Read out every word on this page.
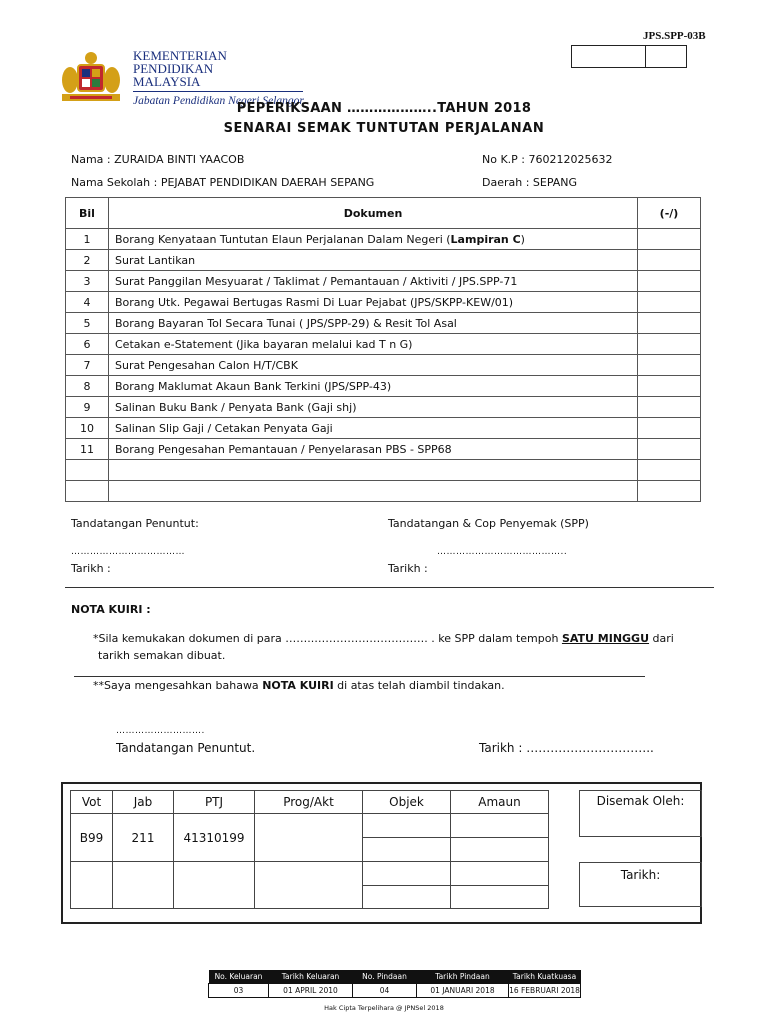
JPS.SPP-03B
KEMENTERIAN
PENDIDIKAN
MALAYSIA
Jabatan Pendidikan Negeri Selangor
PEPERIKSAAN ………………..TAHUN 2018
SENARAI SEMAK TUNTUTAN PERJALANAN
Nama : ZURAIDA BINTI YAACOB	No K.P : 760212025632
Nama Sekolah : PEJABAT PENDIDIKAN DAERAH SEPANG	Daerah : SEPANG
Bil	Dokumen	(-/)
1	Borang Kenyataan Tuntutan Elaun Perjalanan Dalam Negeri (Lampiran C)	
2	Surat Lantikan	
3	Surat Panggilan Mesyuarat / Taklimat / Pemantauan / Aktiviti / JPS.SPP-71	
4	Borang Utk. Pegawai Bertugas Rasmi Di Luar Pejabat (JPS/SKPP-KEW/01)	
5	Borang Bayaran Tol Secara Tunai ( JPS/SPP-29) & Resit Tol Asal	
6	Cetakan e-Statement (Jika bayaran melalui kad T n G)	
7	Surat Pengesahan Calon H/T/CBK	
8	Borang Maklumat Akaun Bank Terkini (JPS/SPP-43)	
9	Salinan Buku Bank / Penyata Bank (Gaji shj)	
10	Salinan Slip Gaji / Cetakan Penyata Gaji	
11	Borang Pengesahan Pemantauan / Penyelarasan PBS - SPP68	

Tandatangan Penuntut:	Tandatangan & Cop Penyemak (SPP)
………………………………	…………………………………..
Tarikh :	Tarikh :
NOTA KUIRI :
*Sila kemukakan dokumen di para ……..…………………………. . ke SPP dalam tempoh SATU MINGGU dari
tarikh semakan dibuat.
**Saya mengesahkan bahawa NOTA KUIRI di atas telah diambil tindakan.
……………………….
Tandatangan Penuntut.	Tarikh : …………………………..
Vot	Jab	PTJ	Prog/Akt	Objek	Amaun
B99	211	41310199			

Disemak Oleh:
Tarikh:
No. Keluaran	Tarikh Keluaran	No. Pindaan	Tarikh Pindaan	Tarikh Kuatkuasa
03	01 APRIL 2010	04	01 JANUARI 2018	16 FEBRUARI 2018
Hak Cipta Terpelihara @ JPNSel 2018
